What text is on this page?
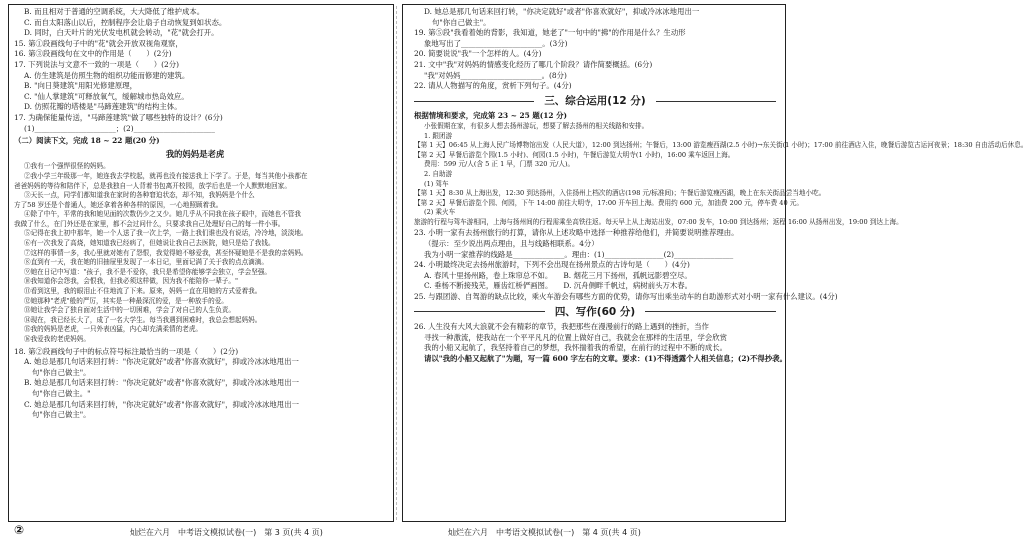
B. 而且相对于普通的空调系统，大大降低了维护成本。
C. 而自太阳落山以后，控制程序会让扇子自动恢复到如状态。
D. 同时，白天叶片的光伏发电机就会转动，"花"就会打开。
15. 第①段画线句子中的"花"就会开放双视角观察，
16. 第③段画线句在文中的作用是（　　）(2分)
17. 下列说法与文意不一致的一项是（　　）(2分)
A. 仿生建筑是仿照生物的组织功能而修建的建筑。
B. "向日葵建筑"用阳光修建原理，
C. "仙人掌建筑"可释放氧气，缓解城市热岛效应。
D. 仿照花瓣的塔楼是"马蹄莲建筑"的结构主体。
17. 为确保能量传送，"马蹄莲建筑"做了哪些独特的设计？(6分)
(1)______________________；(2)______________________
（二）阅读下文，完成 18 ~ 22 题(20 分)
我的妈妈是老虎
①我有一个强悍很怪的妈妈。
②我小学三年级那一年，她连我去学校起，就再也没有接送我上下学了。于是，每当其他小孩都在
爸爸妈妈的等待和陪伴下，总是我独自一人背着书包离开校园，放学后也是一个人默默地回家。
③天长一点，同学们都知道我在家时的各种窘迫状态，却不知，我妈妈是个什么
方了58 岁还是个普通人，她还拿着各种各样的原因，一心地照顾着我。
④除了中午，平常的我和她见面的次数仍少之又少。她几乎从不同我在孩子眼中，而她也不管我
我做了什么，在门外还是在家里，都不会过问什么，只要求我自己处理好自己的每一件小事。
⑤记得在我上初中那年，她一个人送了我一次上学，一路上我们谁也没有说话，冷冷地，淡淡地。
⑥有一次我发了高烧，她知道我已经病了，但她说让我自己去医院，她只是给了我钱。
⑦这样的事情一多，我心里就对她有了怨恨，我觉得她不够爱我，甚至怀疑她是不是我的亲妈妈。
⑧直到有一天，我在她的旧抽屉里发现了一本日记，里面记满了关于我的点点滴滴。
⑨她在日记中写道："孩子，我不是不爱你，我只是希望你能够学会独立，学会坚强。
⑩我知道你会怨我，会恨我，但我必须这样做，因为我不能陪你一辈子。"
⑪看到这里，我的眼泪止不住地流了下来。原来，妈妈一直在用她的方式爱着我。
⑫她那种"老虎"般的严厉，其实是一种最深沉的爱，是一种放手的爱。
⑬她让我学会了独自面对生活中的一切困难，学会了对自己的人生负责。
⑭现在，我已经长大了，成了一名大学生。每当我遇到困难时，我总会想起妈妈。
⑮我的妈妈是老虎，一只外表凶猛，内心却充满柔情的老虎。
⑯我爱我的老虎妈妈。
18. 第②段画线句子中的标点符号标注最恰当的一项是（　　）(2分)
A. 她总是那几句话来回打转："你决定就好"或者"你喜欢就好"，抑或冷冰冰地甩出一
句"你自己做主"。
B. 她总是那几句话来回打转："你决定就好"或者"你喜欢就好"，抑或冷冰冰地甩出一
句"你自己做主。"
C. 她总是那几句话来回打转，"你决定就好"或者"你喜欢就好"，抑或冷冰冰地甩出一
句"你自己做主"。
D. 她总是那几句话来回打转，"你决定就好"或者"你喜欢就好"，抑或冷冰冰地甩出一
句"你自己做主"。
19. 第⑤段"我看着她的背影，我知道，她老了"一句中的"拂"的作用是什么？生动形
象地写出了______________________。(3分)
20. 简要说说"我"一个怎样的人。(4分)
21. 文中"我"对妈妈的情感变化经历了哪几个阶段？请作简要概括。(6分)
"我"对妈妈______________________。(8分)
22. 请从人物描写的角度，赏析下列句子。(4分)
三、综合运用(12 分)
根据情境和要求，完成第 23 ~ 25 题(12 分)
小张假期在家，有很多人想去扬州游玩，想要了解去扬州的相关线路和安排。
1. 跟团游
【第 1 天】06:45 从上海人民广场博物馆出发（人民大道），12:00 到达扬州；午餐后，13:00 游览瘦西湖(2.5 小时)→东关街(1 小时)；17:00 前往酒店入住，晚餐后游览古运河夜景；18:30 自由活动后休息。
【第 2 天】早餐后游览个园(1.5 小时)、何园(1.5 小时)，午餐后游览大明寺(1 小时)，16:00 乘车返回上海。
费用：599 元/人(含 5 正 1 早，门票 320 元/人)。
2. 自助游
(1) 驾车
【第 1 天】8:30 从上海出发，12:30 到达扬州，入住扬州上档次的酒店(198 元/标准间)；午餐后游览瘦西湖，晚上在东关街品尝当地小吃。
【第 2 天】早餐后游览个园、何园，下午 14:00 前往大明寺，17:00 开车回上海。费用约 600 元，加油费 200 元，停车费 40 元。
(2) 乘火车
旅游的行程与驾车游相同，上海与扬州间的行程需乘坐高铁往返。每天早上从上海站出发，07:00 发车，10:00 到达扬州；返程 16:00 从扬州出发，19:00 到达上海。
23. 小明一家有去扬州旅行的打算，请你从上述攻略中选择一种推荐给他们，并简要说明推荐理由。
（提示：至少说出两点理由，且与线路相联系。4分）
我为小明一家推荐的线路是______________。理由：(1)________________(2)________________
24. 小明最终决定去扬州旅游时，下列不会出现在扬州景点的古诗句是（　　）(4分)
A. 春风十里扬州路，卷上珠帘总不如。　　B. 烟花三月下扬州，孤帆远影碧空尽。
C. 垂杨不断接残芜，雁齿红桥俨画图。　　D. 沉舟侧畔千帆过，病树前头万木春。
25. 与跟团游、自驾游的缺点比较，乘火车游会有哪些方面的优势，请你写出乘坐动车的自助游形式对小明一家有什么建议。(4分)
四、写作(60 分)
26. 人生没有大风大浪就不会有精彩的章节，我把那些在漫漫前行的路上遇到的挫折，当作
寻找一种激流，使我站在一个平平凡凡的位置上做好自己，我就会在那样的生活里，学会欣赏
我的小船又起航了，我坚持着自己的梦想，我怀揣着我的希望，在前行的过程中不断的成长。
请以"我的小船又起航了"为题，写一篇 600 字左右的文章。要求：(1)不得透露个人相关信息；(2)不得抄袭。
②	灿烂在六月　中考语文模拟试卷(一)　第 3 页(共 4 页)	灿烂在六月　中考语文模拟试卷(一)　第 4 页(共 4 页)
